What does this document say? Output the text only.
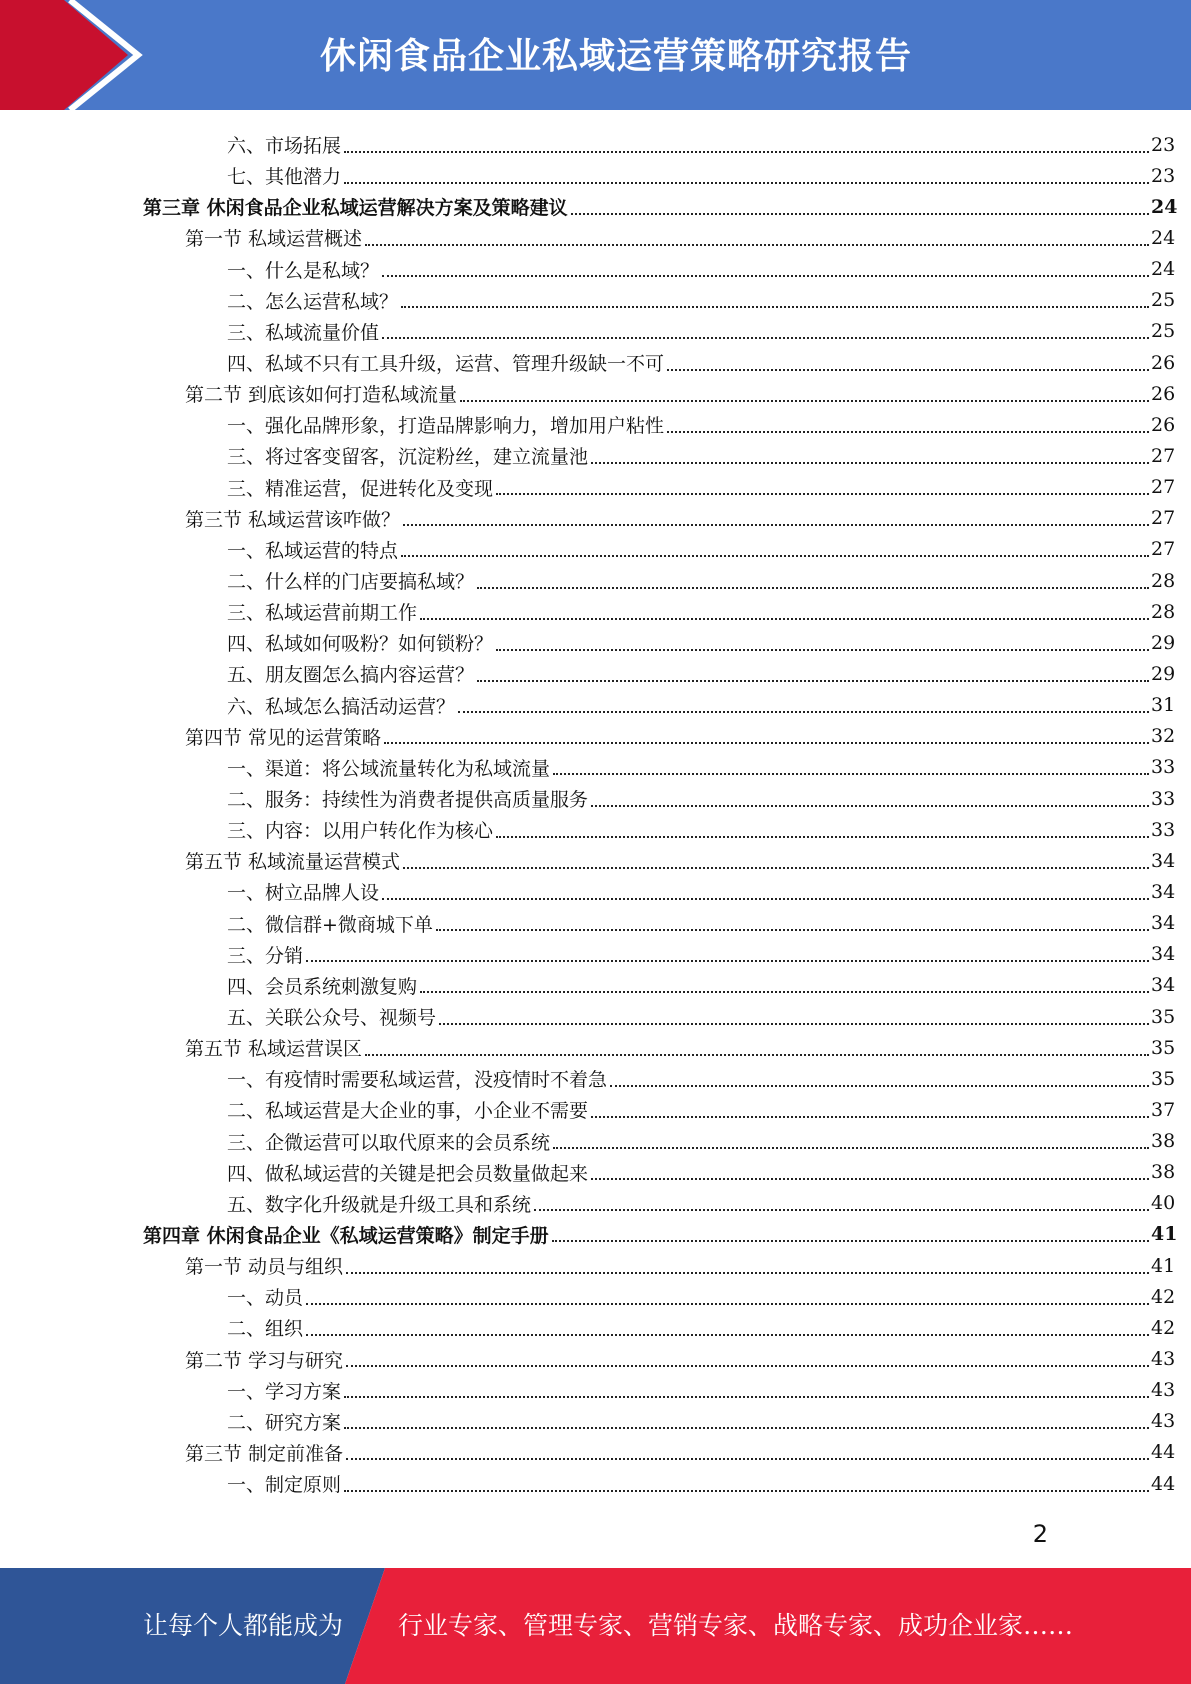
休闲食品企业私域运营策略研究报告
六、市场拓展	23
七、其他潜力	23
第三章 休闲食品企业私域运营解决方案及策略建议	24
第一节 私域运营概述	24
一、什么是私域？	24
二、怎么运营私域？	25
三、私域流量价值	25
四、私域不只有工具升级，运营、管理升级缺一不可	26
第二节 到底该如何打造私域流量	26
一、强化品牌形象，打造品牌影响力，增加用户粘性	26
三、将过客变留客，沉淀粉丝，建立流量池	27
三、精准运营，促进转化及变现	27
第三节 私域运营该咋做？	27
一、私域运营的特点	27
二、什么样的门店要搞私域？	28
三、私域运营前期工作	28
四、私域如何吸粉？如何锁粉？	29
五、朋友圈怎么搞内容运营？	29
六、私域怎么搞活动运营？	31
第四节 常见的运营策略	32
一、渠道：将公域流量转化为私域流量	33
二、服务：持续性为消费者提供高质量服务	33
三、内容：以用户转化作为核心	33
第五节 私域流量运营模式	34
一、树立品牌人设	34
二、微信群+微商城下单	34
三、分销	34
四、会员系统刺激复购	34
五、关联公众号、视频号	35
第五节 私域运营误区	35
一、有疫情时需要私域运营，没疫情时不着急	35
二、私域运营是大企业的事，小企业不需要	37
三、企微运营可以取代原来的会员系统	38
四、做私域运营的关键是把会员数量做起来	38
五、数字化升级就是升级工具和系统	40
第四章 休闲食品企业《私域运营策略》制定手册	41
第一节 动员与组织	41
一、动员	42
二、组织	42
第二节 学习与研究	43
一、学习方案	43
二、研究方案	43
第三节 制定前准备	44
一、制定原则	44
2
让每个人都能成为 行业专家、管理专家、营销专家、战略专家、成功企业家……
